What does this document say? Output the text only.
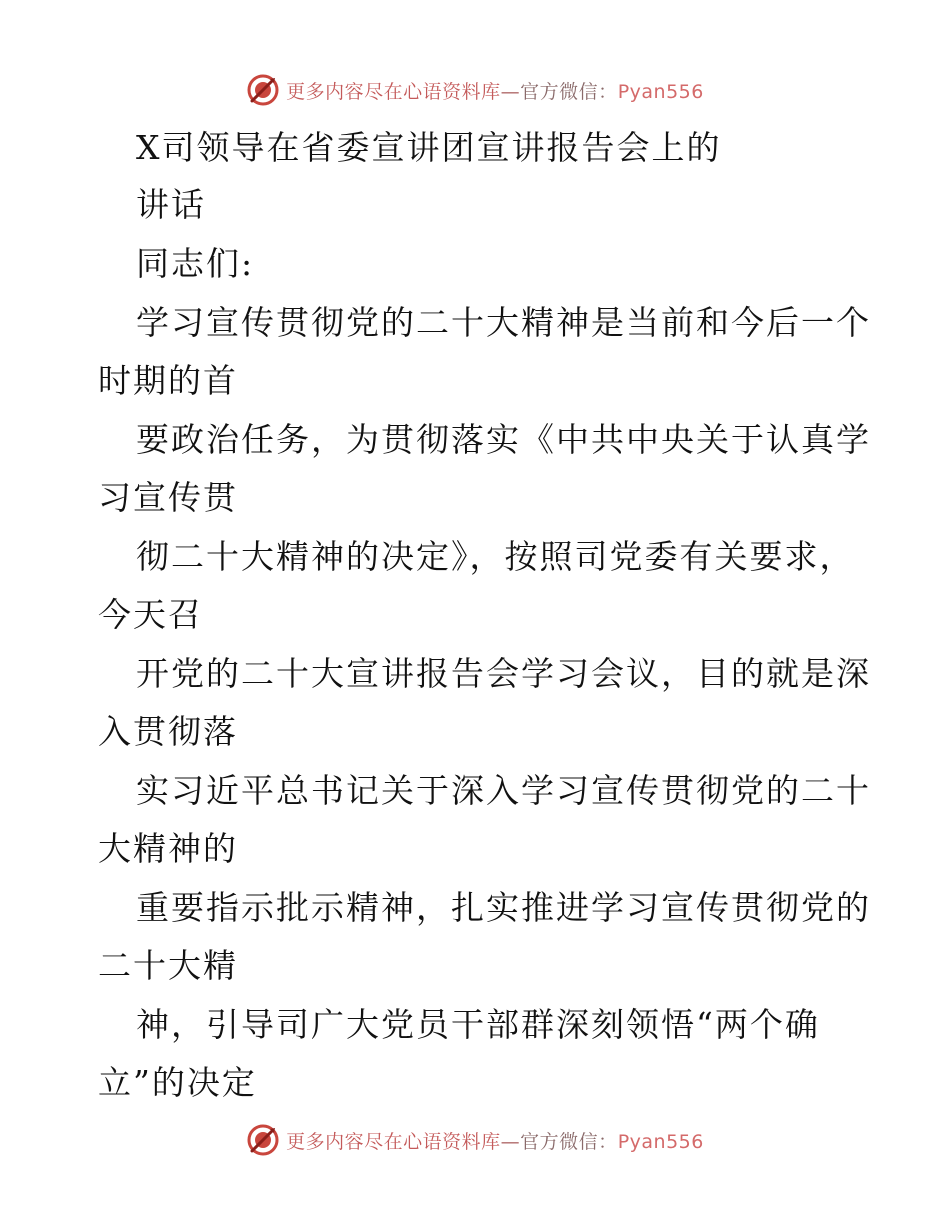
更多内容尽在心语资料库—官方微信：Pyan556
X司领导在省委宣讲团宣讲报告会上的
讲话
同志们:
学习宣传贯彻党的二十大精神是当前和今后一个
时期的首
要政治任务，为贯彻落实《中共中央关于认真学
习宣传贯
彻二十大精神的决定》，按照司党委有关要求，
今天召
开党的二十大宣讲报告会学习会议，目的就是深
入贯彻落
实习近平总书记关于深入学习宣传贯彻党的二十
大精神的
重要指示批示精神，扎实推进学习宣传贯彻党的
二十大精
神，引导司广大党员干部群深刻领悟“两个确
立”的决定
更多内容尽在心语资料库—官方微信：Pyan556
